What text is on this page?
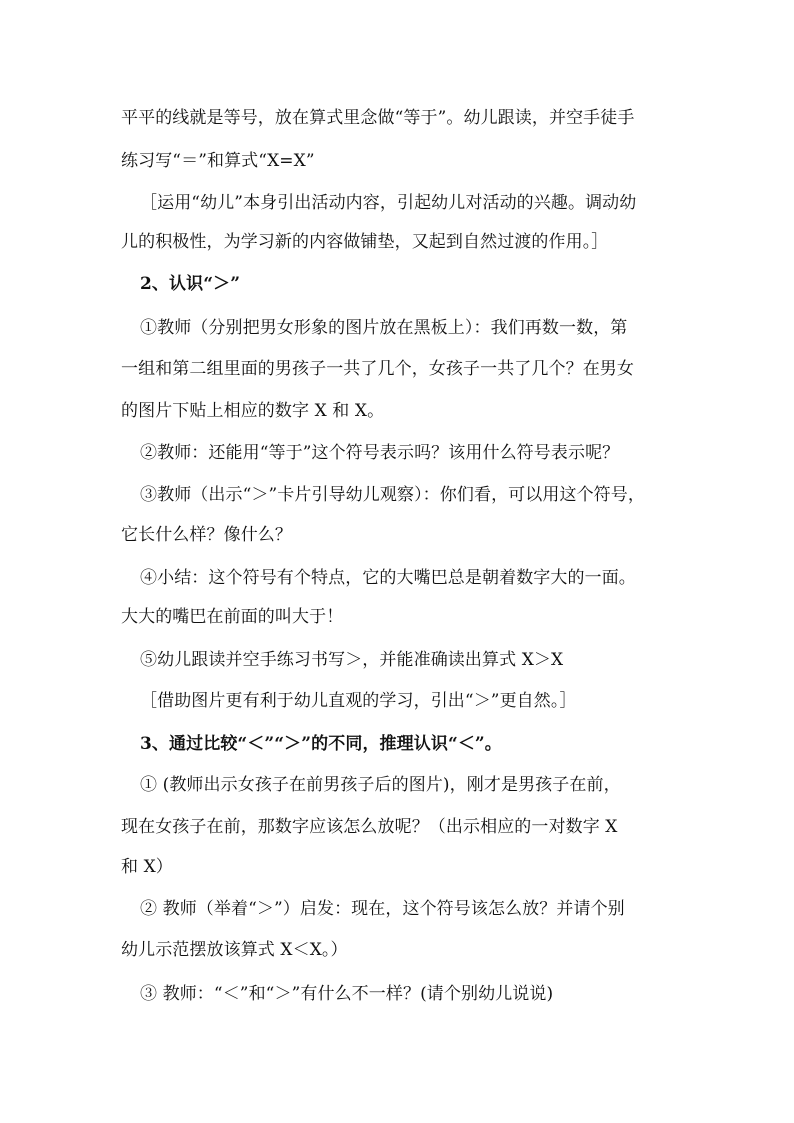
平平的线就是等号，放在算式里念做“等于”。幼儿跟读，并空手徒手
练习写“＝”和算式“X=X”
［运用“幼儿”本身引出活动内容，引起幼儿对活动的兴趣。调动幼
儿的积极性，为学习新的内容做铺垫，又起到自然过渡的作用。］
2、认识“＞”
①教师（分别把男女形象的图片放在黑板上）：我们再数一数，第
一组和第二组里面的男孩子一共了几个，女孩子一共了几个？在男女
的图片下贴上相应的数字 X 和 X。
②教师：还能用“等于”这个符号表示吗？该用什么符号表示呢？
③教师（出示“＞”卡片引导幼儿观察）：你们看，可以用这个符号，
它长什么样？像什么？
④小结：这个符号有个特点，它的大嘴巴总是朝着数字大的一面。
大大的嘴巴在前面的叫大于！
⑤幼儿跟读并空手练习书写＞，并能准确读出算式 X＞X
［借助图片更有利于幼儿直观的学习，引出“＞”更自然。］
3、通过比较“＜”“＞”的不同，推理认识“＜”。
① (教师出示女孩子在前男孩子后的图片)，刚才是男孩子在前，
现在女孩子在前，那数字应该怎么放呢？（出示相应的一对数字 X
和 X）
② 教师（举着“＞”）启发：现在，这个符号该怎么放？并请个别
幼儿示范摆放该算式 X＜X。）
③ 教师：“＜”和“＞”有什么不一样？(请个别幼儿说说)
